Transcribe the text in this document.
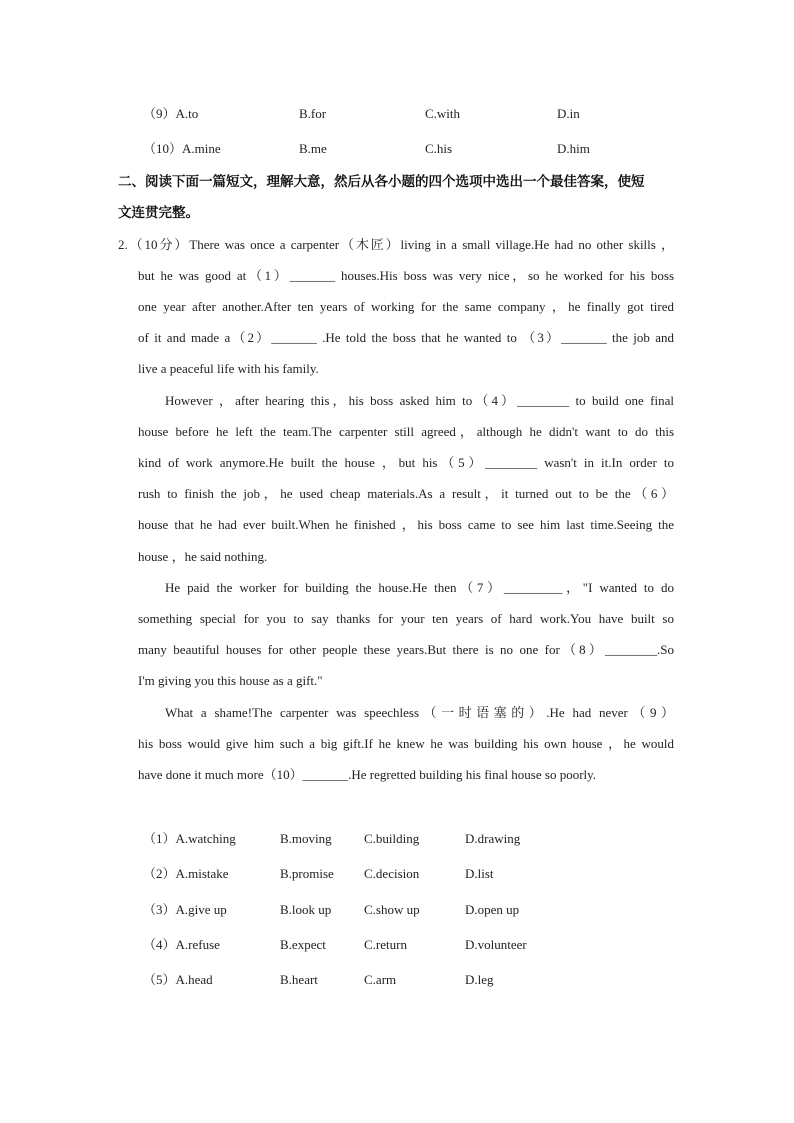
（9）A.to	B.for	C.with	D.in
（10）A.mine	B.me	C.his	D.him
二、阅读下面一篇短文，理解大意，然后从各小题的四个选项中选出一个最佳答案，使短
文连贯完整。
2.（10分）There was once a carpenter（木匠）living in a small village.He had no other skills ，
but he was good at（1）_______ houses.His boss was very nice，so he worked for his boss
one year after another.After ten years of working for the same company ，he finally got tired
of it and made a（2）_______ .He told the boss that he wanted to （3）_______ the job and
live a peaceful life with his family.
However ，after hearing this，his boss asked him to（4）________ to build one final
house before he left the team.The carpenter still agreed，although he didn't want to do this
kind of work anymore.He built the house ，but his（5）________ wasn't in it.In order to
rush to finish the job，he used cheap materials.As a result，it turned out to be the（6）
house that he had ever built.When he finished ，his boss came to see him last time.Seeing the
house ，he said nothing.
He paid the worker for building the house.He then（7）_________，"I wanted to do
something special for you to say thanks for your ten years of hard work.You have built so
many beautiful houses for other people these years.But there is no one for（8）________.So
I'm giving you this house as a gift."
What a shame!The carpenter was speechless（一时语塞的）.He had never（9）
his boss would give him such a big gift.If he knew he was building his own house ，he would
have done it much more（10）_______.He regretted building his final house so poorly.
（1）A.watching	B.moving C.building	D.drawing
（2）A.mistake	B.promise C.decision	D.list
（3）A.give up	B.look up	C.show up	D.open up
（4）A.refuse	B.expect	C.return	D.volunteer
（5）A.head	B.heart	C.arm	D.leg
